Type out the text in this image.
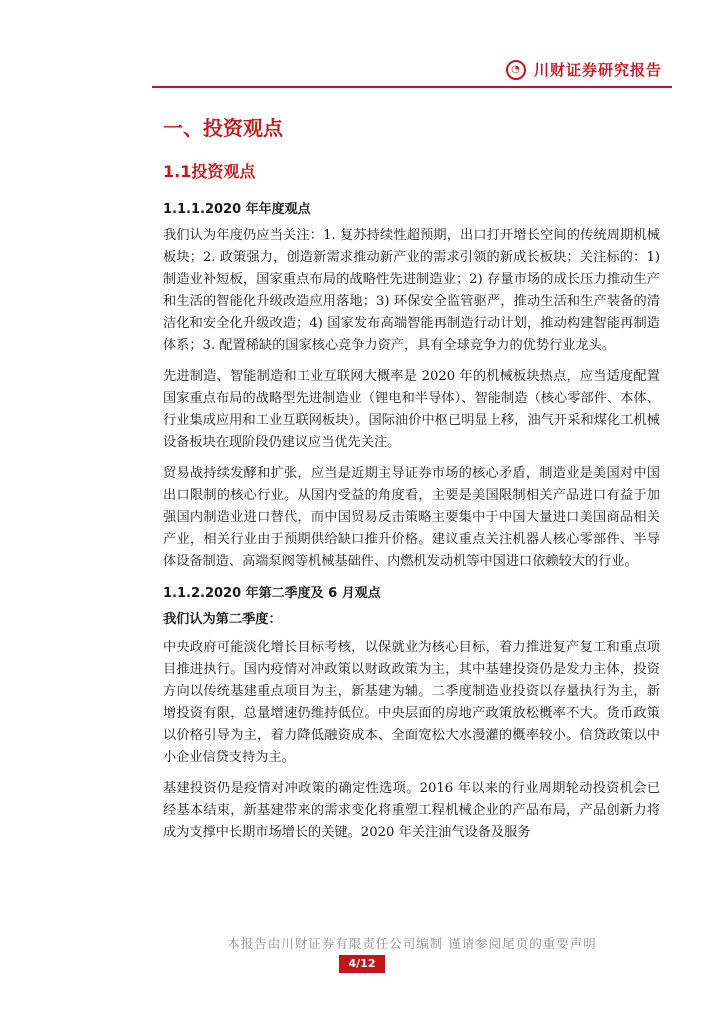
◔ 川财证券研究报告
一、投资观点
1.1投资观点
1.1.1.2020 年年度观点

我们认为年度仍应当关注：1. 复苏持续性超预期，出口打开增长空间的传统周期机械板块；2. 政策强力，创造新需求推动新产业的需求引领的新成长板块；关注标的：1)制造业补短板，国家重点布局的战略性先进制造业；2) 存量市场的成长压力推动生产和生活的智能化升级改造应用落地；3) 环保安全监管驱严，推动生活和生产装备的清洁化和安全化升级改造；4) 国家发布高端智能再制造行动计划，推动构建智能再制造体系；3. 配置稀缺的国家核心竞争力资产，具有全球竞争力的优势行业龙头。

先进制造、智能制造和工业互联网大概率是 2020 年的机械板块热点，应当适度配置国家重点布局的战略型先进制造业（锂电和半导体）、智能制造（核心零部件、本体、行业集成应用和工业互联网板块）。国际油价中枢已明显上移，油气开采和煤化工机械设备板块在现阶段仍建议应当优先关注。

贸易战持续发酵和扩张，应当是近期主导证券市场的核心矛盾，制造业是美国对中国出口限制的核心行业。从国内受益的角度看，主要是美国限制相关产品进口有益于加强国内制造业进口替代，而中国贸易反击策略主要集中于中国大量进口美国商品相关产业，相关行业由于预期供给缺口推升价格。建议重点关注机器人核心零部件、半导体设备制造、高端泵阀等机械基础件、内燃机发动机等中国进口依赖较大的行业。

1.1.2.2020 年第二季度及 6 月观点

我们认为第二季度：

中央政府可能淡化增长目标考核，以保就业为核心目标，着力推进复产复工和重点项目推进执行。国内疫情对冲政策以财政政策为主，其中基建投资仍是发力主体，投资方向以传统基建重点项目为主，新基建为辅。二季度制造业投资以存量执行为主，新增投资有限，总量增速仍维持低位。中央层面的房地产政策放松概率不大。货币政策以价格引导为主，着力降低融资成本、全面宽松大水漫灌的概率较小。信贷政策以中小企业信贷支持为主。

基建投资仍是疫情对冲政策的确定性选项。2016 年以来的行业周期轮动投资机会已经基本结束，新基建带来的需求变化将重塑工程机械企业的产品布局，产品创新力将成为支撑中长期市场增长的关键。2020 年关注油气设备及服务

本报告由川财证券有限责任公司编制 谨请参阅尾页的重要声明
4/12
